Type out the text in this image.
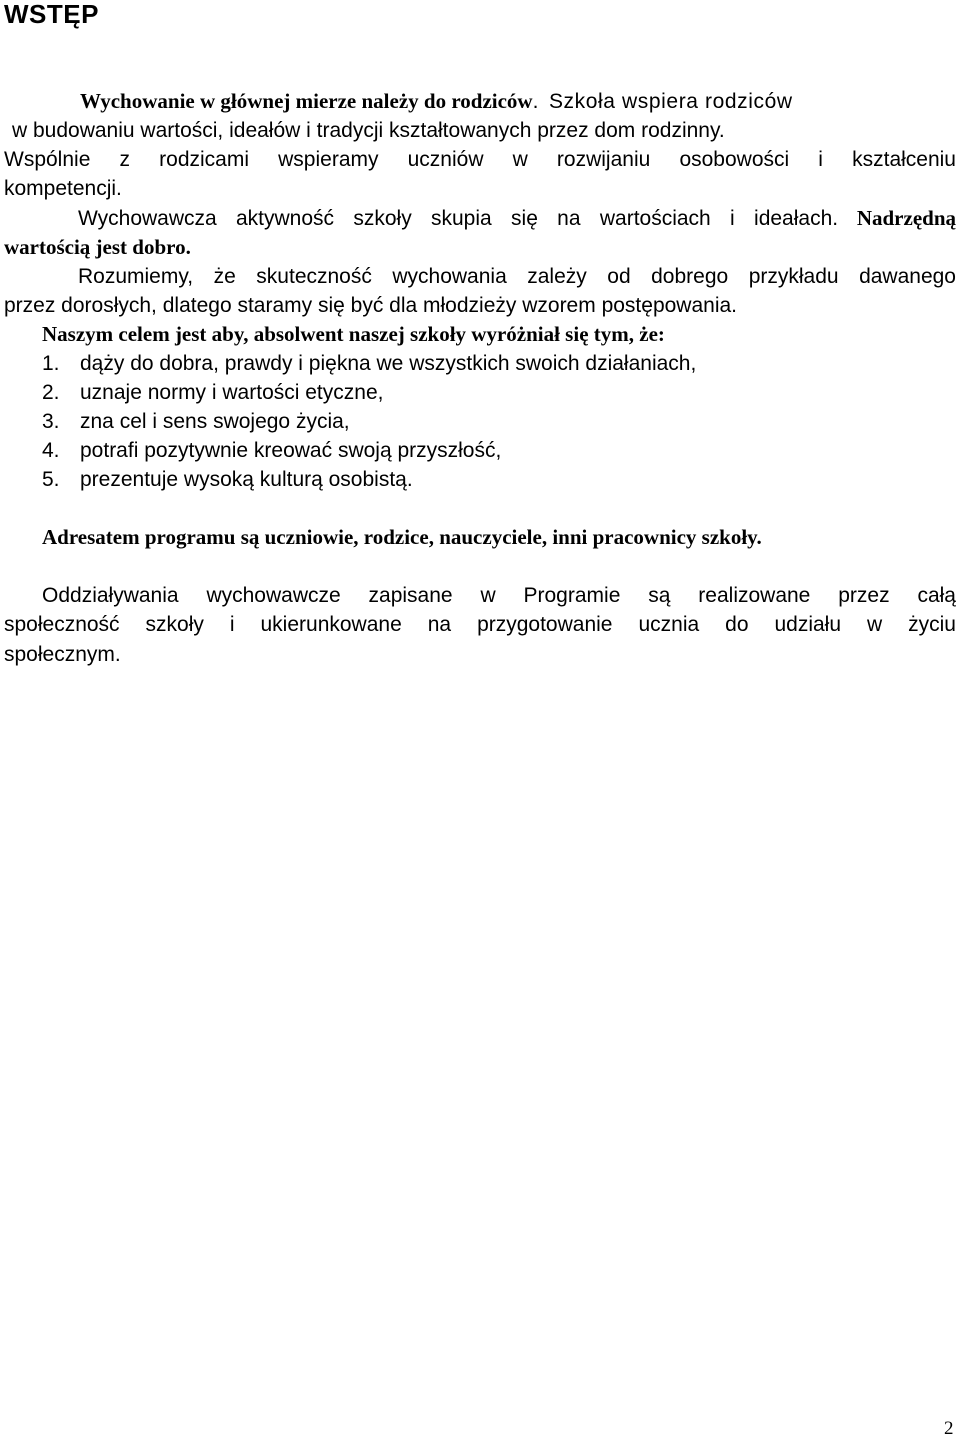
WSTĘP
Wychowanie w głównej mierze należy do rodziców. Szkoła wspiera rodziców
w budowaniu wartości, ideałów i tradycji kształtowanych przez dom rodzinny.
Wspólnie z rodzicami wspieramy uczniów w rozwijaniu osobowości i kształceniu
kompetencji.
Wychowawcza aktywność szkoły skupia się na wartościach i ideałach. Nadrzędną
wartością jest dobro.
Rozumiemy, że skuteczność wychowania zależy od dobrego przykładu dawanego
przez dorosłych, dlatego staramy się być dla młodzieży wzorem postępowania.
Naszym celem jest aby, absolwent naszej szkoły wyróżniał się tym, że:
1. dąży do dobra, prawdy i piękna we wszystkich swoich działaniach,
2. uznaje normy i wartości etyczne,
3. zna cel i sens swojego życia,
4. potrafi pozytywnie kreować swoją przyszłość,
5. prezentuje wysoką kulturą osobistą.
Adresatem programu są uczniowie, rodzice, nauczyciele, inni pracownicy szkoły.
Oddziaływania wychowawcze zapisane w Programie są realizowane przez całą
społeczność szkoły i ukierunkowane na przygotowanie ucznia do udziału w życiu
społecznym.
2
